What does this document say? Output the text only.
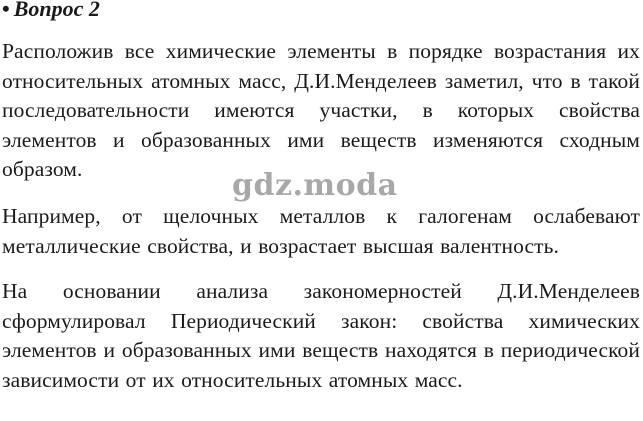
• Вопрос 2

Расположив все химические элементы в порядке возрастания их относительных атомных масс, Д.И.Менделеев заметил, что в такой последовательности имеются участки, в которых свойства элементов и образованных ими веществ изменяются сходным образом.	gdz.moda

Например, от щелочных металлов к галогенам ослабевают металлические свойства, и возрастает высшая валентность.

На основании анализа закономерностей Д.И.Менделеев сформулировал Периодический закон: свойства химических элементов и образованных ими веществ находятся в периодической зависимости от их относительных атомных масс.
